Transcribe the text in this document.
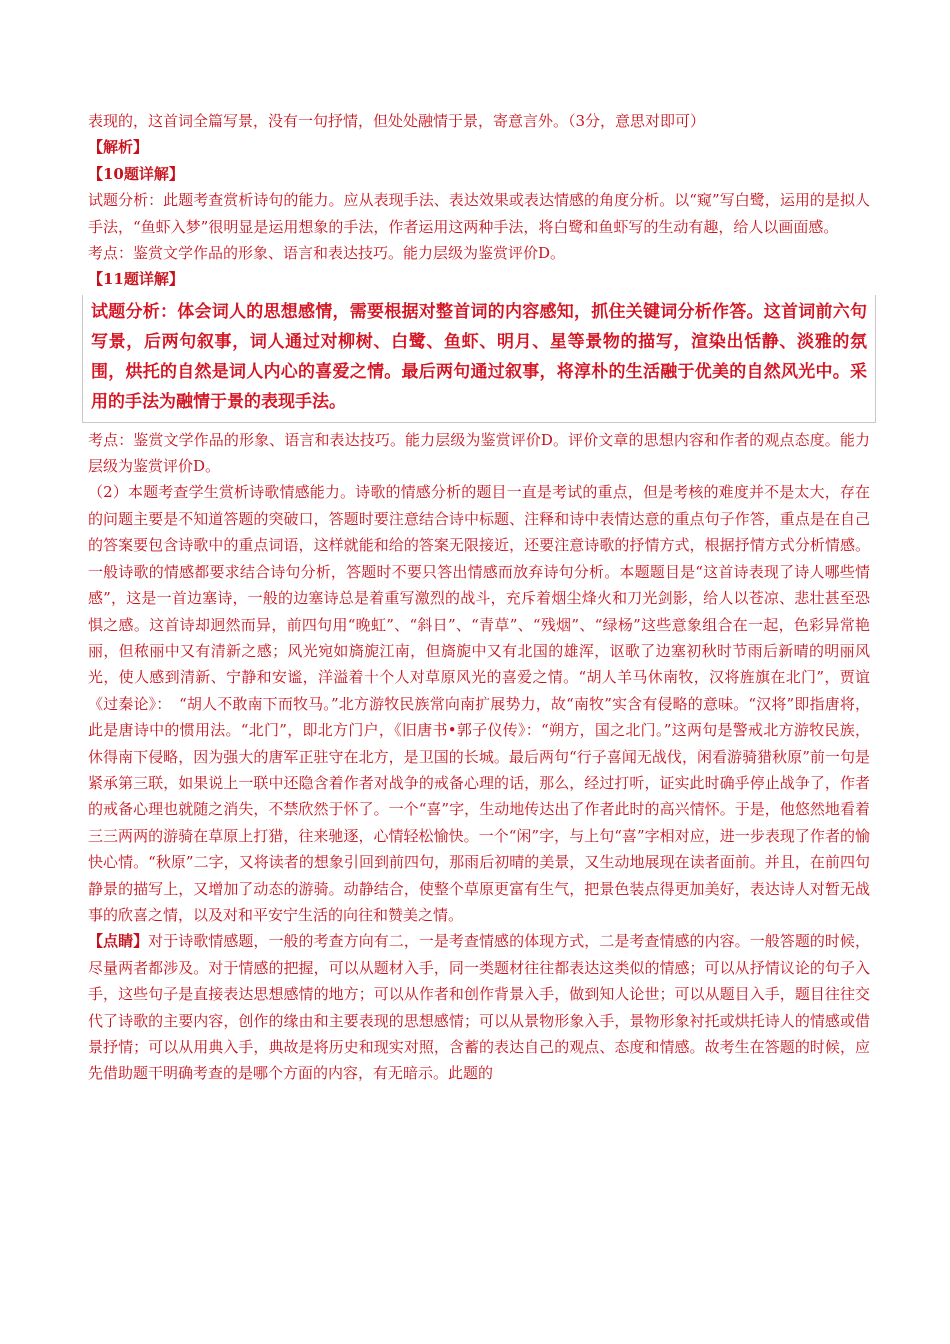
表现的，这首词全篇写景，没有一句抒情，但处处融情于景，寄意言外。（3分，意思对即可）

【解析】

【10题详解】

试题分析：此题考查赏析诗句的能力。应从表现手法、表达效果或表达情感的角度分析。以“窥”写白鹭，运用的是拟人手法，“鱼虾入梦”很明显是运用想象的手法，作者运用这两种手法，将白鹭和鱼虾写的生动有趣，给人以画面感。

考点：鉴赏文学作品的形象、语言和表达技巧。能力层级为鉴赏评价D。

【11题详解】

试题分析：体会词人的思想感情，需要根据对整首词的内容感知，抓住关键词分析作答。这首词前六句写景，后两句叙事，词人通过对柳树、白鹭、鱼虾、明月、星等景物的描写，渲染出恬静、淡雅的氛围，烘托的自然是词人内心的喜爱之情。最后两句通过叙事，将淳朴的生活融于优美的自然风光中。采用的手法为融情于景的表现手法。

考点：鉴赏文学作品的形象、语言和表达技巧。能力层级为鉴赏评价D。评价文章的思想内容和作者的观点态度。能力层级为鉴赏评价D。

（2）本题考查学生赏析诗歌情感能力。诗歌的情感分析的题目一直是考试的重点，但是考核的难度并不是太大，存在的问题主要是不知道答题的突破口，答题时要注意结合诗中标题、注释和诗中表情达意的重点句子作答，重点是在自己的答案要包含诗歌中的重点词语，这样就能和给的答案无限接近，还要注意诗歌的抒情方式，根据抒情方式分析情感。一般诗歌的情感都要求结合诗句分析，答题时不要只答出情感而放弃诗句分析。本题题目是“这首诗表现了诗人哪些情感”，这是一首边塞诗，一般的边塞诗总是着重写激烈的战斗，充斥着烟尘烽火和刀光剑影，给人以苍凉、悲壮甚至恐惧之感。这首诗却迥然而异，前四句用“晚虹”、“斜日”、“青草”、“残烟”、“绿杨”这些意象组合在一起，色彩异常艳丽，但秾丽中又有清新之感；风光宛如旖旎江南，但旖旎中又有北国的雄浑，讴歌了边塞初秋时节雨后新晴的明丽风光，使人感到清新、宁静和安谧，洋溢着十个人对草原风光的喜爱之情。“胡人羊马休南牧，汉将旌旗在北门”，贾谊《过秦论》：　“胡人不敢南下而牧马。”北方游牧民族常向南扩展势力，故“南牧”实含有侵略的意味。“汉将”即指唐将，此是唐诗中的惯用法。“北门”，即北方门户，《旧唐书•郭子仪传》：“朔方，国之北门。”这两句是警戒北方游牧民族，休得南下侵略，因为强大的唐军正驻守在北方，是卫国的长城。最后两句“行子喜闻无战伐，闲看游骑猎秋原”前一句是紧承第三联，如果说上一联中还隐含着作者对战争的戒备心理的话，那么，经过打听，证实此时确乎停止战争了，作者的戒备心理也就随之消失，不禁欣然于怀了。一个“喜”字，生动地传达出了作者此时的高兴情怀。于是，他悠然地看着三三两两的游骑在草原上打猎，往来驰逐，心情轻松愉快。一个“闲”字，与上句“喜”字相对应，进一步表现了作者的愉快心情。“秋原”二字，又将读者的想象引回到前四句，那雨后初晴的美景，又生动地展现在读者面前。并且，在前四句静景的描写上，又增加了动态的游骑。动静结合，使整个草原更富有生气，把景色装点得更加美好，表达诗人对暂无战事的欣喜之情，以及对和平安宁生活的向往和赞美之情。

【点睛】对于诗歌情感题，一般的考查方向有二，一是考查情感的体现方式，二是考查情感的内容。一般答题的时候，尽量两者都涉及。对于情感的把握，可以从题材入手，同一类题材往往都表达这类似的情感；可以从抒情议论的句子入手，这些句子是直接表达思想感情的地方；可以从作者和创作背景入手，做到知人论世；可以从题目入手，题目往往交代了诗歌的主要内容，创作的缘由和主要表现的思想感情；可以从景物形象入手，景物形象衬托或烘托诗人的情感或借景抒情；可以从用典入手，典故是将历史和现实对照，含蓄的表达自己的观点、态度和情感。故考生在答题的时候，应先借助题干明确考查的是哪个方面的内容，有无暗示。此题的
